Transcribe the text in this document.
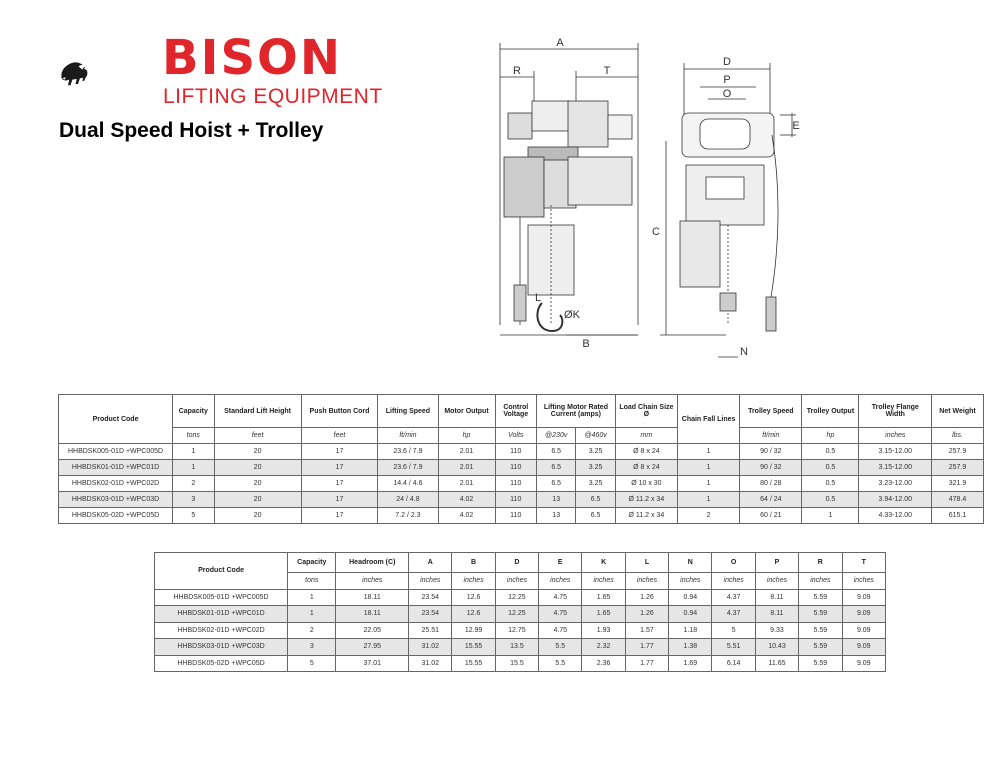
BISON
LIFTING EQUIPMENT
Dual Speed Hoist + Trolley
A
R	T
B
ØK
L
D
P
O
E
C
N
Product Code	Capacity	Standard Lift Height	Push Button Cord	Lifting Speed	Motor Output	Control Voltage	Lifting Motor Rated Current (amps)		Load Chain Size Ø	Chain Fall Lines	Trolley Speed	Trolley Output	Trolley Flange Width	Net Weight
	tons	feet	feet	ft/min	hp	Volts	@230v	@460v	mm		ft/min	hp	inches	lbs.
HHBDSK005-01D +WPC005D	1	20	17	23.6 / 7.9	2.01	110	6.5	3.25	Ø 8 x 24	1	90 / 32	0.5	3.15-12.00	257.9
HHBDSK01-01D +WPC01D	1	20	17	23.6 / 7.9	2.01	110	6.5	3.25	Ø 8 x 24	1	90 / 32	0.5	3.15-12.00	257.9
HHBDSK02-01D +WPC02D	2	20	17	14.4 / 4.6	2.01	110	6.5	3.25	Ø 10 x 30	1	80 / 28	0.5	3.23-12.00	321.9
HHBDSK03-01D +WPC03D	3	20	17	24 / 4.8	4.02	110	13	6.5	Ø 11.2 x 34	1	64 / 24	0.5	3.94-12.00	478.4
HHBDSK05-02D +WPC05D	5	20	17	7.2 / 2.3	4.02	110	13	6.5	Ø 11.2 x 34	2	60 / 21	1	4.33-12.00	615.1
Product Code	Capacity	Headroom (C)	A	B	D	E	K	L	N	O	P	R	T
	tons	inches	inches	inches	inches	inches	inches	inches	inches	inches	inches	inches	inches
HHBDSK005-01D +WPC005D	1	18.11	23.54	12.6	12.25	4.75	1.65	1.26	0.94	4.37	8.11	5.59	9.09
HHBDSK01-01D +WPC01D	1	18.11	23.54	12.6	12.25	4.75	1.65	1.26	0.94	4.37	8.11	5.59	9.09
HHBDSK02-01D +WPC02D	2	22.05	25.51	12.99	12.75	4.75	1.93	1.57	1.18	5	9.33	5.59	9.09
HHBDSK03-01D +WPC03D	3	27.95	31.02	15.55	13.5	5.5	2.32	1.77	1.38	5.51	10.43	5.59	9.09
HHBDSK05-02D +WPC05D	5	37.01	31.02	15.55	15.5	5.5	2.36	1.77	1.69	6.14	11.65	5.59	9.09
